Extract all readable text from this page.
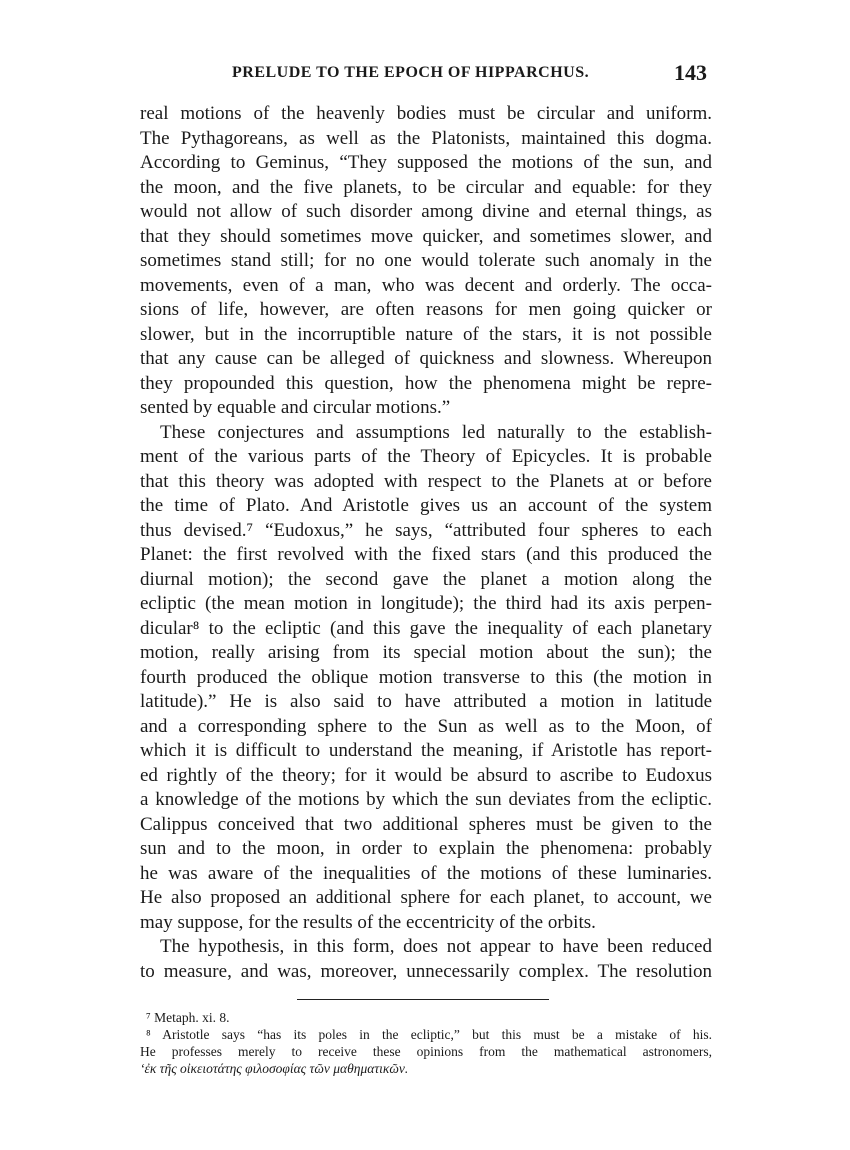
PRELUDE TO THE EPOCH OF HIPPARCHUS.	143
real motions of the heavenly bodies must be circular and uniform.
The Pythagoreans, as well as the Platonists, maintained this dogma.
According to Geminus, “They supposed the motions of the sun, and
the moon, and the five planets, to be circular and equable: for they
would not allow of such disorder among divine and eternal things, as
that they should sometimes move quicker, and sometimes slower, and
sometimes stand still; for no one would tolerate such anomaly in the
movements, even of a man, who was decent and orderly. The occa-
sions of life, however, are often reasons for men going quicker or
slower, but in the incorruptible nature of the stars, it is not possible
that any cause can be alleged of quickness and slowness. Whereupon
they propounded this question, how the phenomena might be repre-
sented by equable and circular motions.”
These conjectures and assumptions led naturally to the establish-
ment of the various parts of the Theory of Epicycles. It is probable
that this theory was adopted with respect to the Planets at or before
the time of Plato. And Aristotle gives us an account of the system
thus devised.⁷ “Eudoxus,” he says, “attributed four spheres to each
Planet: the first revolved with the fixed stars (and this produced the
diurnal motion); the second gave the planet a motion along the
ecliptic (the mean motion in longitude); the third had its axis perpen-
dicular⁸ to the ecliptic (and this gave the inequality of each planetary
motion, really arising from its special motion about the sun); the
fourth produced the oblique motion transverse to this (the motion in
latitude).” He is also said to have attributed a motion in latitude
and a corresponding sphere to the Sun as well as to the Moon, of
which it is difficult to understand the meaning, if Aristotle has report-
ed rightly of the theory; for it would be absurd to ascribe to Eudoxus
a knowledge of the motions by which the sun deviates from the ecliptic.
Calippus conceived that two additional spheres must be given to the
sun and to the moon, in order to explain the phenomena: probably
he was aware of the inequalities of the motions of these luminaries.
He also proposed an additional sphere for each planet, to account, we
may suppose, for the results of the eccentricity of the orbits.
The hypothesis, in this form, does not appear to have been reduced
to measure, and was, moreover, unnecessarily complex. The resolution
⁷ Metaph. xi. 8.
⁸ Aristotle says “has its poles in the ecliptic,” but this must be a mistake of his.
He professes merely to receive these opinions from the mathematical astronomers,
‘ἐκ τῆς οἰκειοτάτης φιλοσοφίας τῶν μαθηματικῶν.
